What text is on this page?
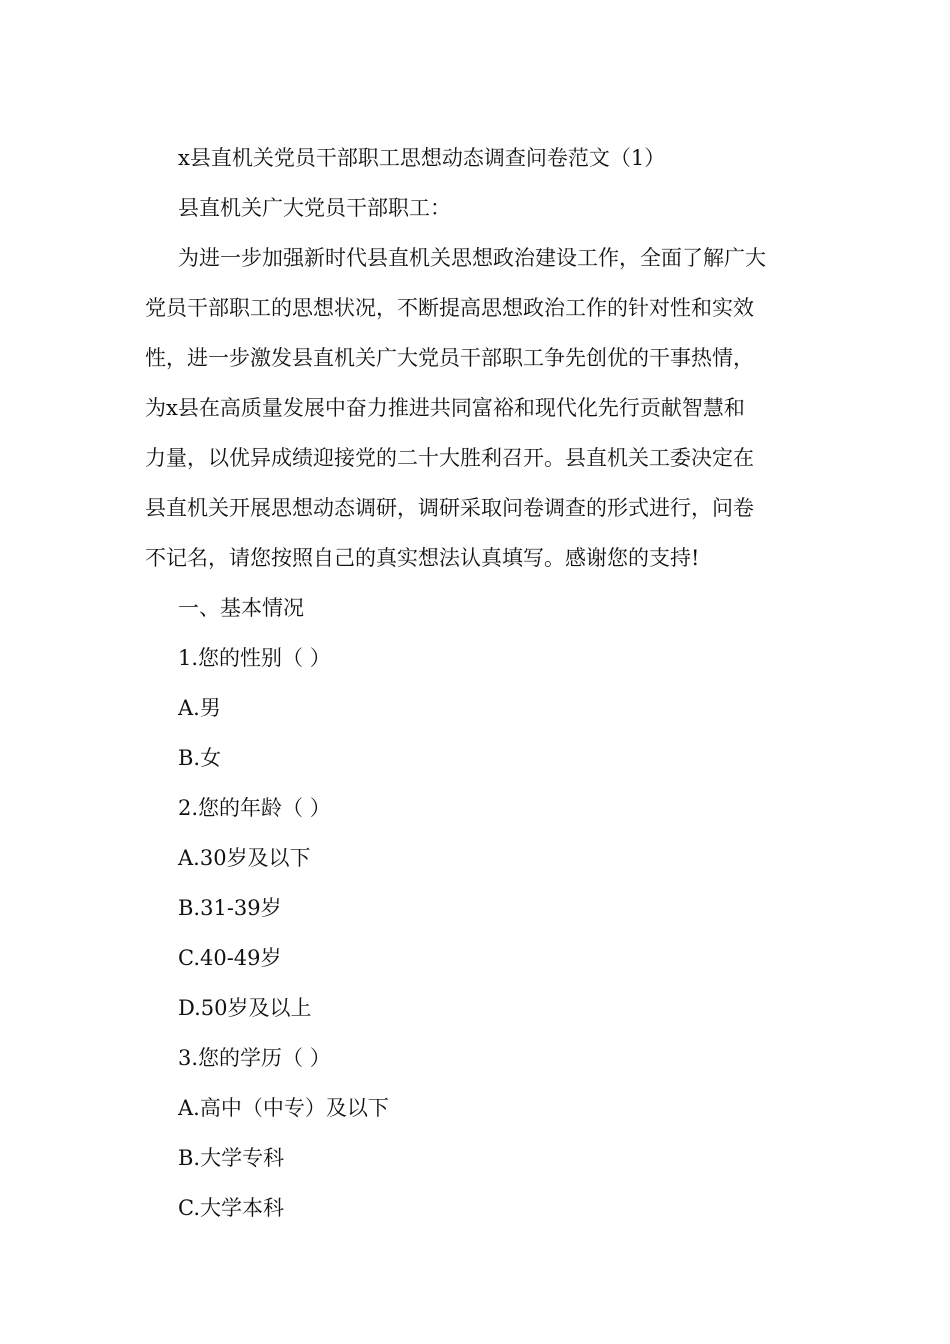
x县直机关党员干部职工思想动态调查问卷范文（1）

县直机关广大党员干部职工：

为进一步加强新时代县直机关思想政治建设工作，全面了解广大

党员干部职工的思想状况，不断提高思想政治工作的针对性和实效

性，进一步激发县直机关广大党员干部职工争先创优的干事热情，

为x县在高质量发展中奋力推进共同富裕和现代化先行贡献智慧和

力量，以优异成绩迎接党的二十大胜利召开。县直机关工委决定在

县直机关开展思想动态调研，调研采取问卷调查的形式进行，问卷

不记名，请您按照自己的真实想法认真填写。感谢您的支持!

一、基本情况

1.您的性别（ ）

A.男

B.女

2.您的年龄（ ）

A.30岁及以下

B.31-39岁

C.40-49岁

D.50岁及以上

3.您的学历（ ）

A.高中（中专）及以下

B.大学专科

C.大学本科
